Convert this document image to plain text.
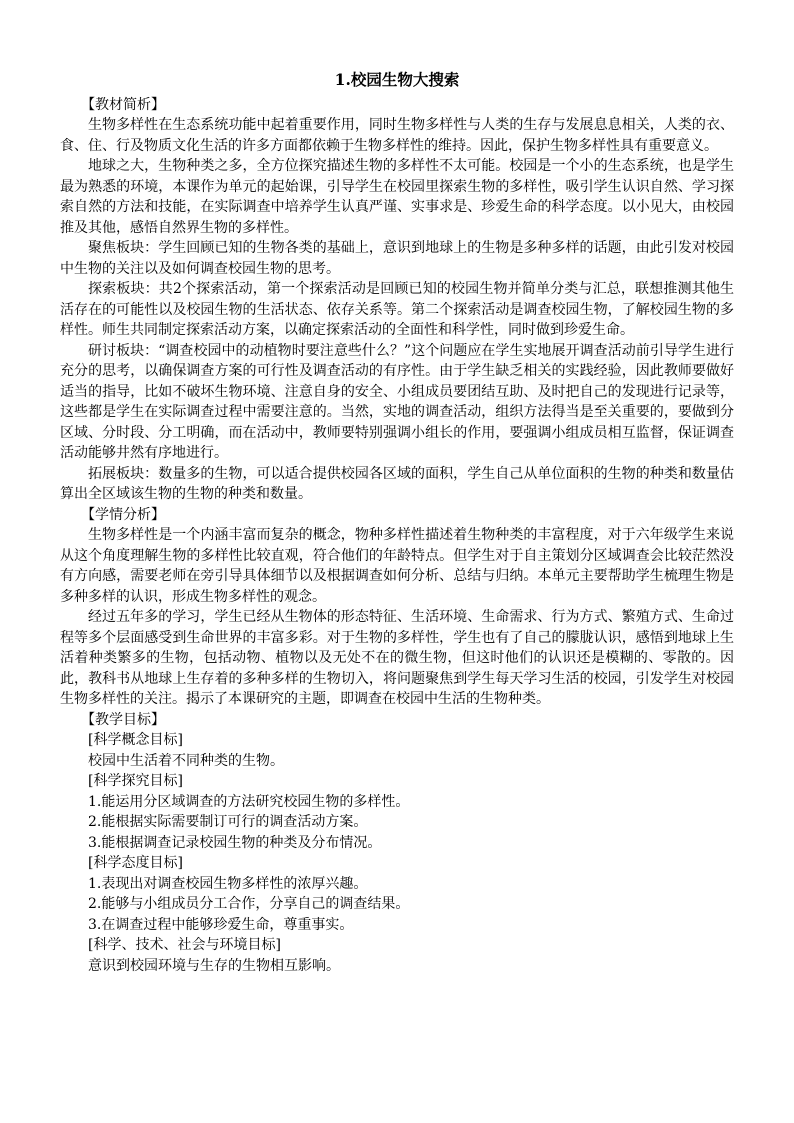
1.校园生物大搜索
【教材简析】

生物多样性在生态系统功能中起着重要作用，同时生物多样性与人类的生存与发展息息相关，人类的衣、食、住、行及物质文化生活的许多方面都依赖于生物多样性的维持。因此，保护生物多样性具有重要意义。

地球之大，生物种类之多，全方位探究描述生物的多样性不太可能。校园是一个小的生态系统，也是学生最为熟悉的环境，本课作为单元的起始课，引导学生在校园里探索生物的多样性，吸引学生认识自然、学习探索自然的方法和技能，在实际调查中培养学生认真严谨、实事求是、珍爱生命的科学态度。以小见大，由校园推及其他，感悟自然界生物的多样性。

聚焦板块：学生回顾已知的生物各类的基础上，意识到地球上的生物是多种多样的话题，由此引发对校园中生物的关注以及如何调查校园生物的思考。

探索板块：共2个探索活动，第一个探索活动是回顾已知的校园生物并简单分类与汇总，联想推测其他生活存在的可能性以及校园生物的生活状态、依存关系等。第二个探索活动是调查校园生物，了解校园生物的多样性。师生共同制定探索活动方案，以确定探索活动的全面性和科学性，同时做到珍爱生命。

研讨板块：“调查校园中的动植物时要注意些什么？”这个问题应在学生实地展开调查活动前引导学生进行充分的思考，以确保调查方案的可行性及调查活动的有序性。由于学生缺乏相关的实践经验，因此教师要做好适当的指导，比如不破坏生物环境、注意自身的安全、小组成员要团结互助、及时把自己的发现进行记录等，这些都是学生在实际调查过程中需要注意的。当然，实地的调查活动，组织方法得当是至关重要的，要做到分区域、分时段、分工明确，而在活动中，教师要特别强调小组长的作用，要强调小组成员相互监督，保证调查活动能够井然有序地进行。

拓展板块：数量多的生物，可以适合提供校园各区域的面积，学生自己从单位面积的生物的种类和数量估算出全区域该生物的生物的种类和数量。

【学情分析】

生物多样性是一个内涵丰富而复杂的概念，物种多样性描述着生物种类的丰富程度，对于六年级学生来说从这个角度理解生物的多样性比较直观，符合他们的年龄特点。但学生对于自主策划分区域调查会比较茫然没有方向感，需要老师在旁引导具体细节以及根据调查如何分析、总结与归纳。本单元主要帮助学生梳理生物是多种多样的认识，形成生物多样性的观念。

经过五年多的学习，学生已经从生物体的形态特征、生活环境、生命需求、行为方式、繁殖方式、生命过程等多个层面感受到生命世界的丰富多彩。对于生物的多样性，学生也有了自己的朦胧认识，感悟到地球上生活着种类繁多的生物，包括动物、植物以及无处不在的微生物，但这时他们的认识还是模糊的、零散的。因此，教科书从地球上生存着的多种多样的生物切入，将问题聚焦到学生每天学习生活的校园，引发学生对校园生物多样性的关注。揭示了本课研究的主题，即调查在校园中生活的生物种类。

【教学目标】
[科学概念目标]
校园中生活着不同种类的生物。
[科学探究目标]
1.能运用分区域调查的方法研究校园生物的多样性。
2.能根据实际需要制订可行的调查活动方案。
3.能根据调查记录校园生物的种类及分布情况。
[科学态度目标]
1.表现出对调查校园生物多样性的浓厚兴趣。
2.能够与小组成员分工合作，分享自己的调查结果。
3.在调查过程中能够珍爱生命，尊重事实。
[科学、技术、社会与环境目标]
意识到校园环境与生存的生物相互影响。
